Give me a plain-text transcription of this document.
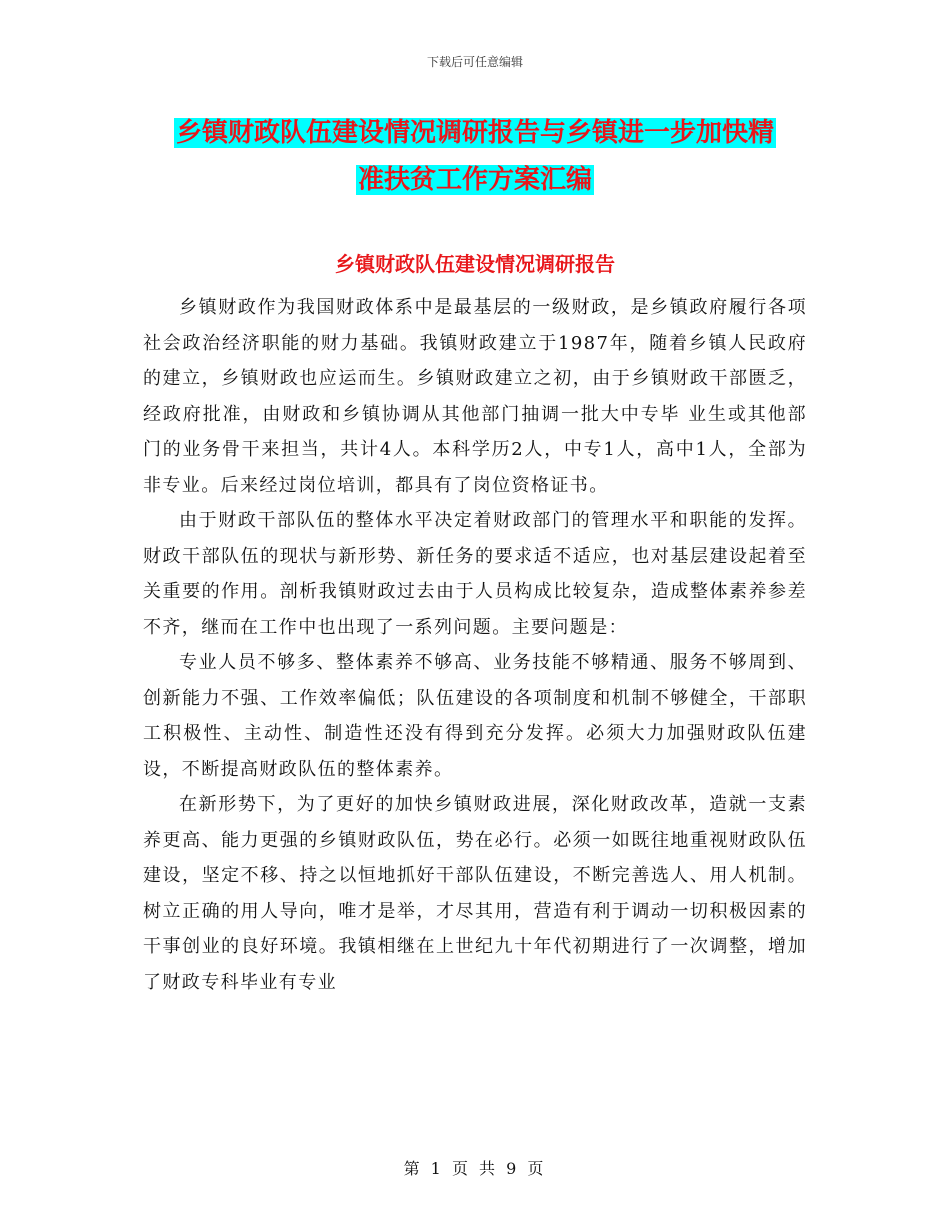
下载后可任意编辑
乡镇财政队伍建设情况调研报告与乡镇进一步加快精
准扶贫工作方案汇编
乡镇财政队伍建设情况调研报告

乡镇财政作为我国财政体系中是最基层的一级财政，是乡镇政府履行各项社会政治经济职能的财力基础。我镇财政建立于1987年，随着乡镇人民政府的建立，乡镇财政也应运而生。乡镇财政建立之初，由于乡镇财政干部匮乏，经政府批准，由财政和乡镇协调从其他部门抽调一批大中专毕 业生或其他部门的业务骨干来担当，共计4人。本科学历2人，中专1人，高中1人，全部为非专业。后来经过岗位培训，都具有了岗位资格证书。

由于财政干部队伍的整体水平决定着财政部门的管理水平和职能的发挥。财政干部队伍的现状与新形势、新任务的要求适不适应，也对基层建设起着至关重要的作用。剖析我镇财政过去由于人员构成比较复杂，造成整体素养参差不齐，继而在工作中也出现了一系列问题。主要问题是：

专业人员不够多、整体素养不够高、业务技能不够精通、服务不够周到、创新能力不强、工作效率偏低；队伍建设的各项制度和机制不够健全，干部职工积极性、主动性、制造性还没有得到充分发挥。必须大力加强财政队伍建设，不断提高财政队伍的整体素养。

在新形势下，为了更好的加快乡镇财政进展，深化财政改革，造就一支素养更高、能力更强的乡镇财政队伍，势在必行。必须一如既往地重视财政队伍建设，坚定不移、持之以恒地抓好干部队伍建设，不断完善选人、用人机制。树立正确的用人导向，唯才是举，才尽其用，营造有利于调动一切积极因素的干事创业的良好环境。我镇相继在上世纪九十年代初期进行了一次调整，增加了财政专科毕业有专业

第 1 页 共 9 页
